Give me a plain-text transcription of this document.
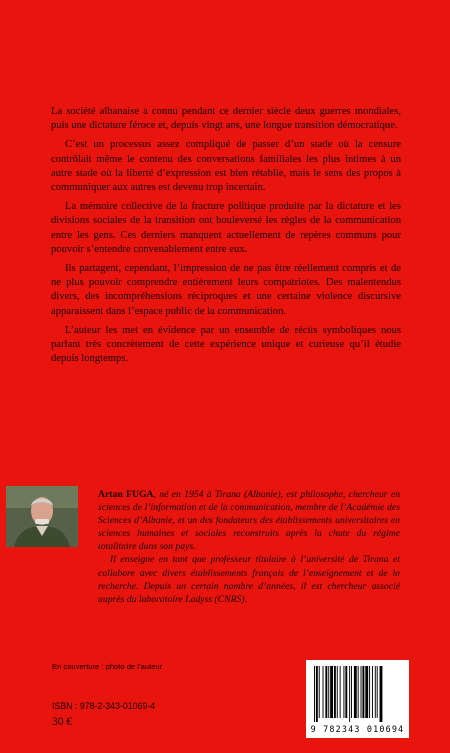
La société albanaise a connu pendant ce dernier siècle deux guerres mondiales, puis une dictature féroce et, depuis vingt ans, une longue transition démocratique.

C’est un processus assez compliqué de passer d’un stade où la censure contrôlait même le contenu des conversations familiales les plus intimes à un autre stade où la liberté d’expression est bien rétablie, mais le sens des propos à communiquer aux autres est devenu trop incertain.

La mémoire collective de la fracture politique produite par la dictature et les divisions sociales de la transition ont bouleversé les règles de la communication entre les gens. Ces derniers manquent actuellement de repères communs pour pouvoir s’entendre convenablement entre eux.

Ils partagent, cependant, l’impression de ne pas être réellement compris et de ne plus pouvoir comprendre entièrement leurs compatriotes. Des malentendus divers, des incompréhensions réciproques et une certaine violence discursive apparaissent dans l’espace public de la communication.

L’auteur les met en évidence par un ensemble de récits symboliques nous parlant très concrètement de cette expérience unique et curieuse qu’il étudie depuis longtemps.

Artan FUGA, né en 1954 à Tirana (Albanie), est philosophe, chercheur en sciences de l’information et de la communication, membre de l’Académie des Sciences d’Albanie, et un des fondateurs des établissements universitaires en sciences humaines et sociales reconstruits après la chute du régime totalitaire dans son pays.

Il enseigne en tant que professeur titulaire à l’université de Tirana et collabore avec divers établissements français de l’enseignement et de la recherche. Depuis un certain nombre d’années, il est chercheur associé auprès du laboratoire Ladyss (CNRS).

En couverture : photo de l’auteur
ISBN : 978-2-343-01069-4
30 €
9 782343 010694
